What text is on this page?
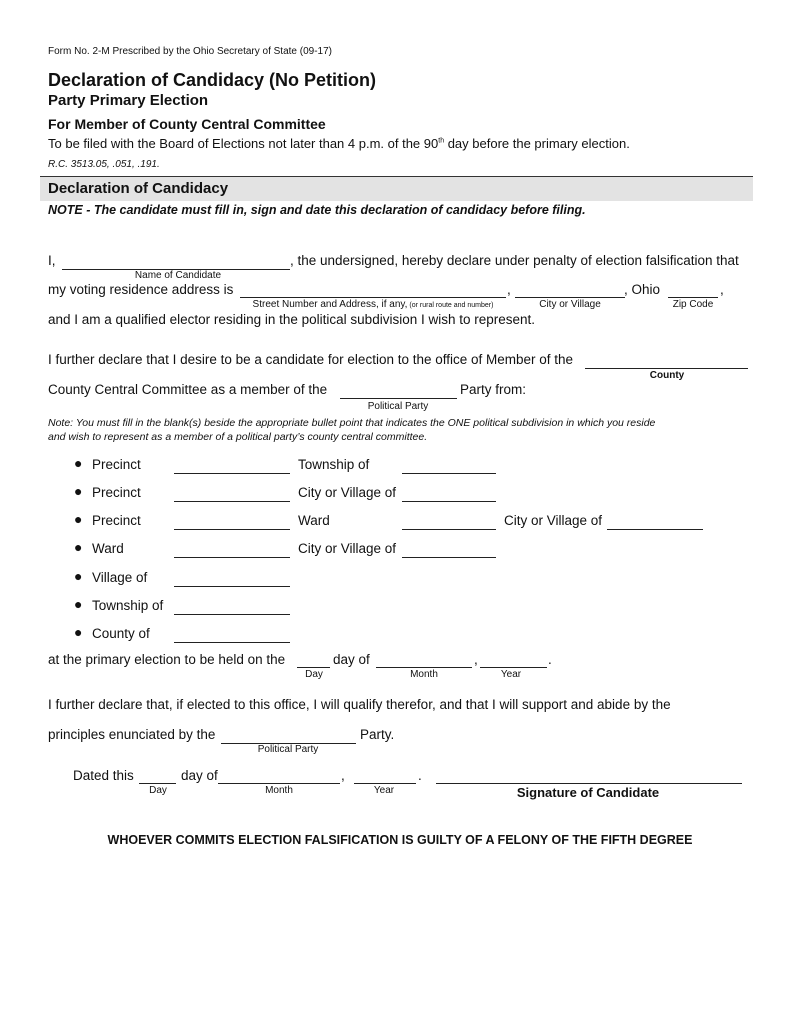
Form No. 2-M Prescribed by the Ohio Secretary of State (09-17)
Declaration of Candidacy (No Petition)
Party Primary Election
For Member of County Central Committee
To be filed with the Board of Elections not later than 4 p.m. of the 90th day before the primary election.
R.C. 3513.05, .051, .191.
Declaration of Candidacy
NOTE - The candidate must fill in, sign and date this declaration of candidacy before filing.
I,	, the undersigned, hereby declare under penalty of election falsification that
Name of Candidate
my voting residence address is	,	, Ohio	,
Street Number and Address, if any, (or rural route and number)	City or Village	Zip Code
and I am a qualified elector residing in the political subdivision I wish to represent.
I further declare that I desire to be a candidate for election to the office of Member of the
County
County Central Committee as a member of the	Party from:
Political Party
Note: You must fill in the blank(s) beside the appropriate bullet point that indicates the ONE political subdivision in which you reside
and wish to represent as a member of a political party’s county central committee.
● Precinct	Township of
● Precinct	City or Village of
● Precinct	Ward	City or Village of
● Ward	City or Village of
● Village of
● Township of
● County of
at the primary election to be held on the	day of	,	.
Day	Month	Year
I further declare that, if elected to this office, I will qualify therefor, and that I will support and abide by the
principles enunciated by the	Party.
Political Party
Dated this	day of	,	.
Day	Month	Year	Signature of Candidate
WHOEVER COMMITS ELECTION FALSIFICATION IS GUILTY OF A FELONY OF THE FIFTH DEGREE
